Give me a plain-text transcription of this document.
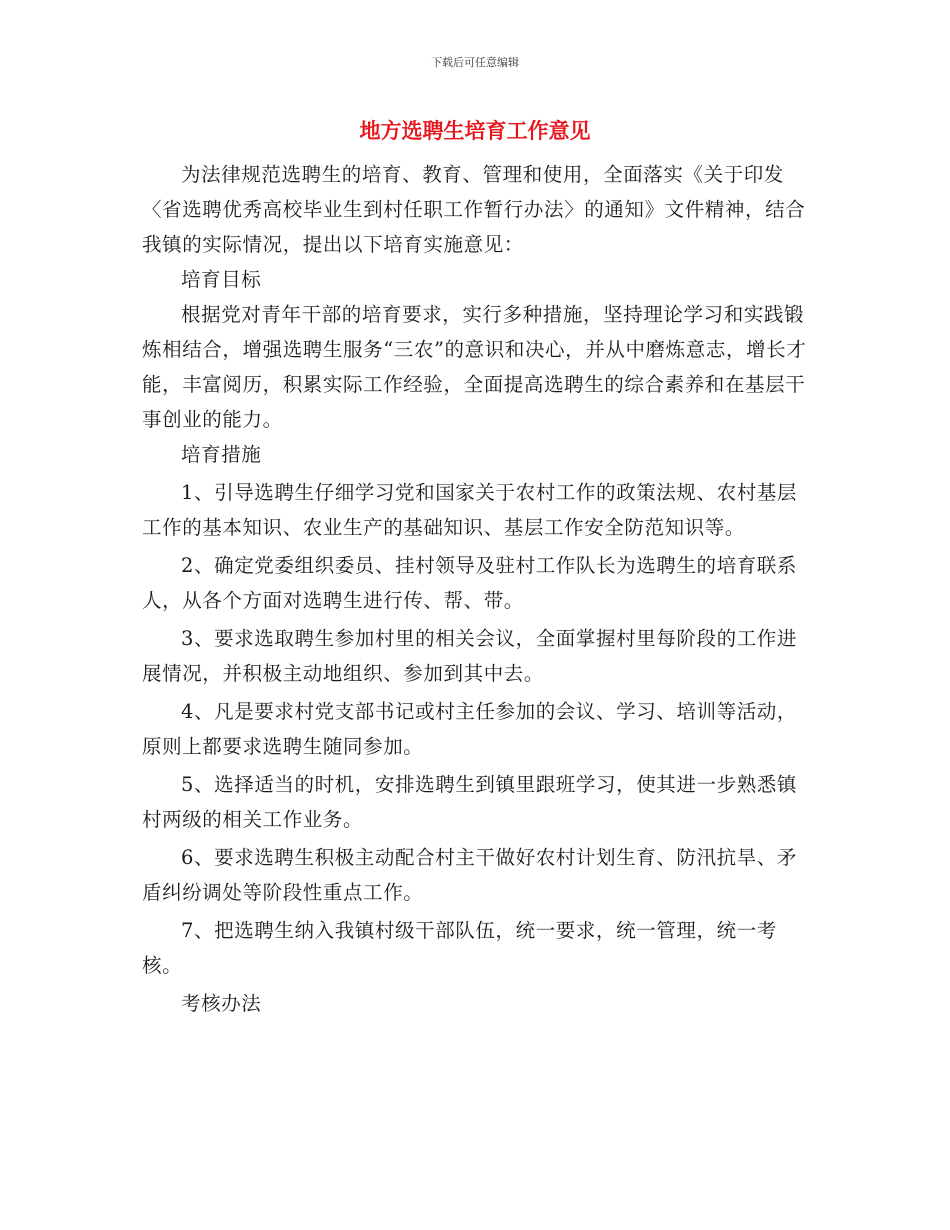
下载后可任意编辑
地方选聘生培育工作意见

为法律规范选聘生的培育、教育、管理和使用，全面落实《关于印发〈省选聘优秀高校毕业生到村任职工作暂行办法〉的通知》文件精神，结合我镇的实际情况，提出以下培育实施意见：

培育目标

根据党对青年干部的培育要求，实行多种措施，坚持理论学习和实践锻炼相结合，增强选聘生服务“三农”的意识和决心，并从中磨炼意志，增长才能，丰富阅历，积累实际工作经验，全面提高选聘生的综合素养和在基层干事创业的能力。

培育措施

1、引导选聘生仔细学习党和国家关于农村工作的政策法规、农村基层工作的基本知识、农业生产的基础知识、基层工作安全防范知识等。

2、确定党委组织委员、挂村领导及驻村工作队长为选聘生的培育联系人，从各个方面对选聘生进行传、帮、带。

3、要求选取聘生参加村里的相关会议，全面掌握村里每阶段的工作进展情况，并积极主动地组织、参加到其中去。

4、凡是要求村党支部书记或村主任参加的会议、学习、培训等活动，原则上都要求选聘生随同参加。

5、选择适当的时机，安排选聘生到镇里跟班学习，使其进一步熟悉镇村两级的相关工作业务。

6、要求选聘生积极主动配合村主干做好农村计划生育、防汛抗旱、矛盾纠纷调处等阶段性重点工作。

7、把选聘生纳入我镇村级干部队伍，统一要求，统一管理，统一考核。

考核办法
